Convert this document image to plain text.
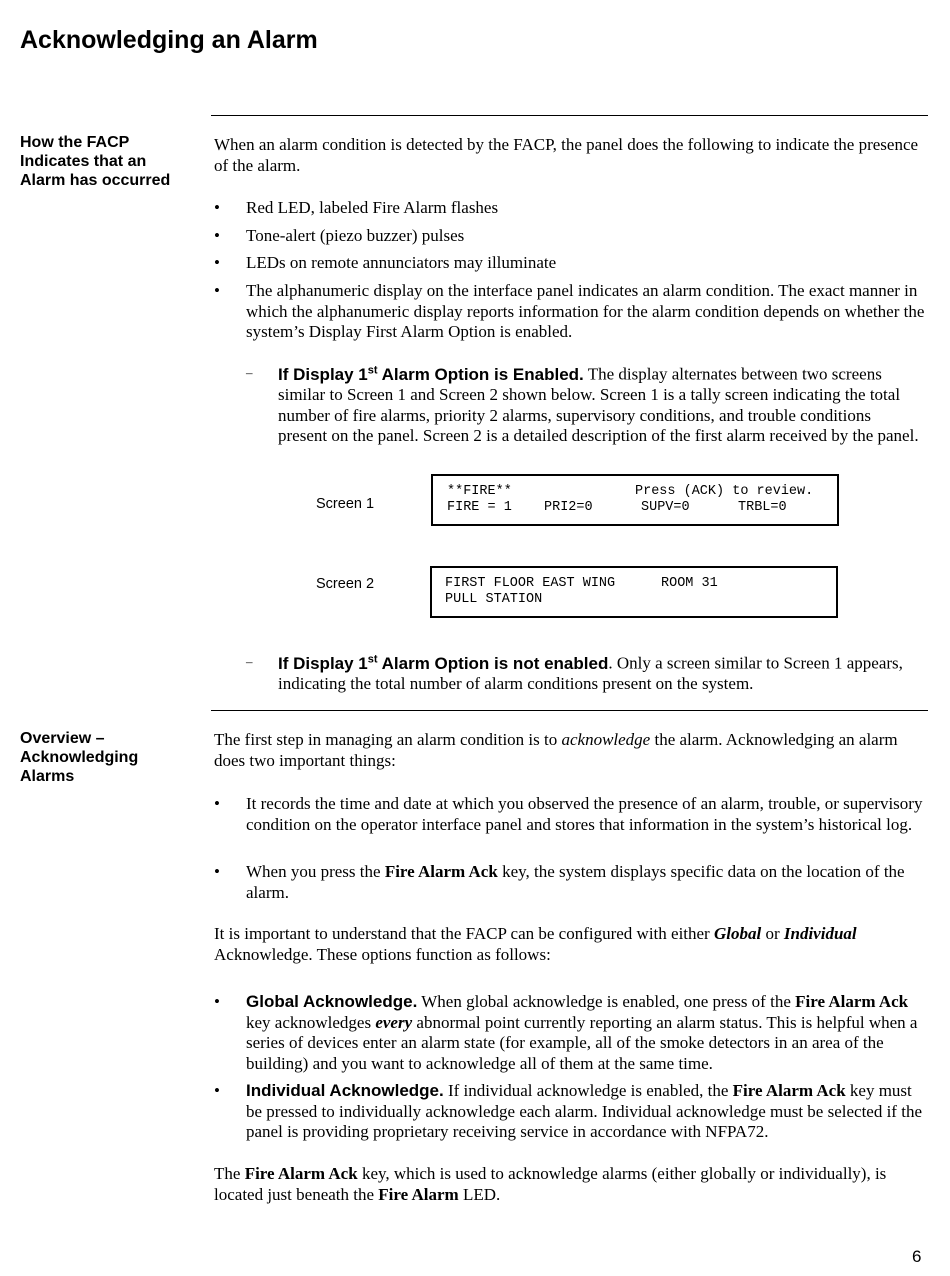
Acknowledging an Alarm
How the FACP Indicates that an Alarm has occurred
When an alarm condition is detected by the FACP, the panel does the following to indicate the presence of the alarm.
•	Red LED, labeled Fire Alarm flashes
•	Tone-alert (piezo buzzer) pulses
•	LEDs on remote annunciators may illuminate
•	The alphanumeric display on the interface panel indicates an alarm condition. The exact manner in which the alphanumeric display reports information for the alarm condition depends on whether the system’s Display First Alarm Option is enabled.
– If Display 1st Alarm Option is Enabled. The display alternates between two screens similar to Screen 1 and Screen 2 shown below. Screen 1 is a tally screen indicating the total number of fire alarms, priority 2 alarms, supervisory conditions, and trouble conditions present on the panel. Screen 2 is a detailed description of the first alarm received by the panel.
Screen 1
**FIRE**	Press (ACK) to review.
FIRE = 1 PRI2=0	SUPV=0	TRBL=0
Screen 2	FIRST FLOOR EAST WING	ROOM 31
PULL STATION
– If Display 1st Alarm Option is not enabled. Only a screen similar to Screen 1 appears, indicating the total number of alarm conditions present on the system.
Overview – Acknowledging Alarms
The first step in managing an alarm condition is to acknowledge the alarm. Acknowledging an alarm does two important things:
•	It records the time and date at which you observed the presence of an alarm, trouble, or supervisory condition on the operator interface panel and stores that information in the system’s historical log.
•	When you press the Fire Alarm Ack key, the system displays specific data on the location of the alarm.
It is important to understand that the FACP can be configured with either Global or Individual Acknowledge. These options function as follows:
•	Global Acknowledge. When global acknowledge is enabled, one press of the Fire Alarm Ack key acknowledges every abnormal point currently reporting an alarm status. This is helpful when a series of devices enter an alarm state (for example, all of the smoke detectors in an area of the building) and you want to acknowledge all of them at the same time.
•	Individual Acknowledge. If individual acknowledge is enabled, the Fire Alarm Ack key must be pressed to individually acknowledge each alarm. Individual acknowledge must be selected if the panel is providing proprietary receiving service in accordance with NFPA72.
The Fire Alarm Ack key, which is used to acknowledge alarms (either globally or individually), is located just beneath the Fire Alarm LED.
6
